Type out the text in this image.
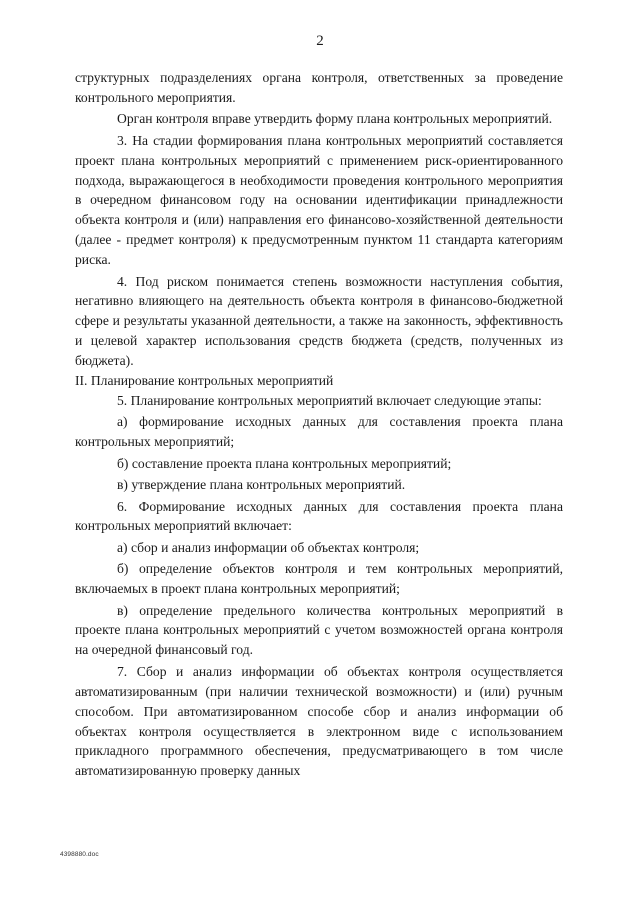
2

структурных подразделениях органа контроля, ответственных за проведение контрольного мероприятия.

Орган контроля вправе утвердить форму плана контрольных мероприятий.

3. На стадии формирования плана контрольных мероприятий составляется проект плана контрольных мероприятий с применением риск-ориентированного подхода, выражающегося в необходимости проведения контрольного мероприятия в очередном финансовом году на основании идентификации принадлежности объекта контроля и (или) направления его финансово-хозяйственной деятельности (далее - предмет контроля) к предусмотренным пунктом 11 стандарта категориям риска.

4. Под риском понимается степень возможности наступления события, негативно влияющего на деятельность объекта контроля в финансово-бюджетной сфере и результаты указанной деятельности, а также на законность, эффективность и целевой характер использования средств бюджета (средств, полученных из бюджета).

II. Планирование контрольных мероприятий

5. Планирование контрольных мероприятий включает следующие этапы:

а) формирование исходных данных для составления проекта плана контрольных мероприятий;

б) составление проекта плана контрольных мероприятий;

в) утверждение плана контрольных мероприятий.

6. Формирование исходных данных для составления проекта плана контрольных мероприятий включает:

а) сбор и анализ информации об объектах контроля;

б) определение объектов контроля и тем контрольных мероприятий, включаемых в проект плана контрольных мероприятий;

в) определение предельного количества контрольных мероприятий в проекте плана контрольных мероприятий с учетом возможностей органа контроля на очередной финансовый год.

7. Сбор и анализ информации об объектах контроля осуществляется автоматизированным (при наличии технической возможности) и (или) ручным способом. При автоматизированном способе сбор и анализ информации об объектах контроля осуществляется в электронном виде с использованием прикладного программного обеспечения, предусматривающего в том числе автоматизированную проверку данных

4398880.doc
